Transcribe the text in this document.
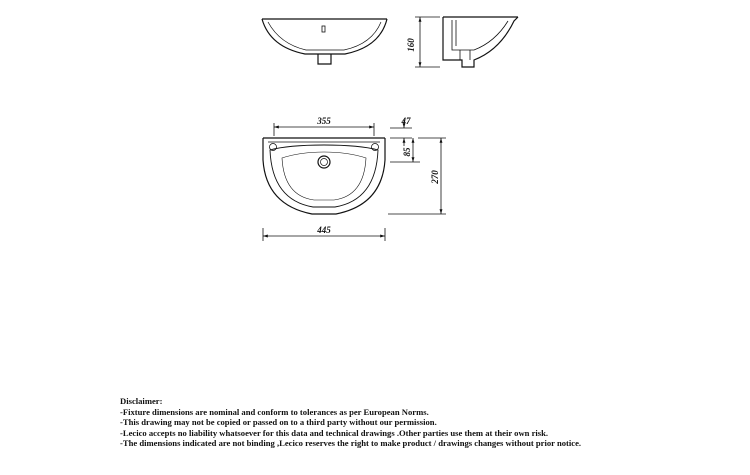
160
355
445
47
85
270
Disclaimer:
-Fixture dimensions are nominal and conform to tolerances as per European Norms.
-This drawing may not be copied or passed on to a third party without our permission.
-Lecico accepts no liability whatsoever for this data and technical drawings .Other parties use them at their own risk.
-The dimensions indicated are not binding ,Lecico reserves the right to make product / drawings changes without prior notice.
